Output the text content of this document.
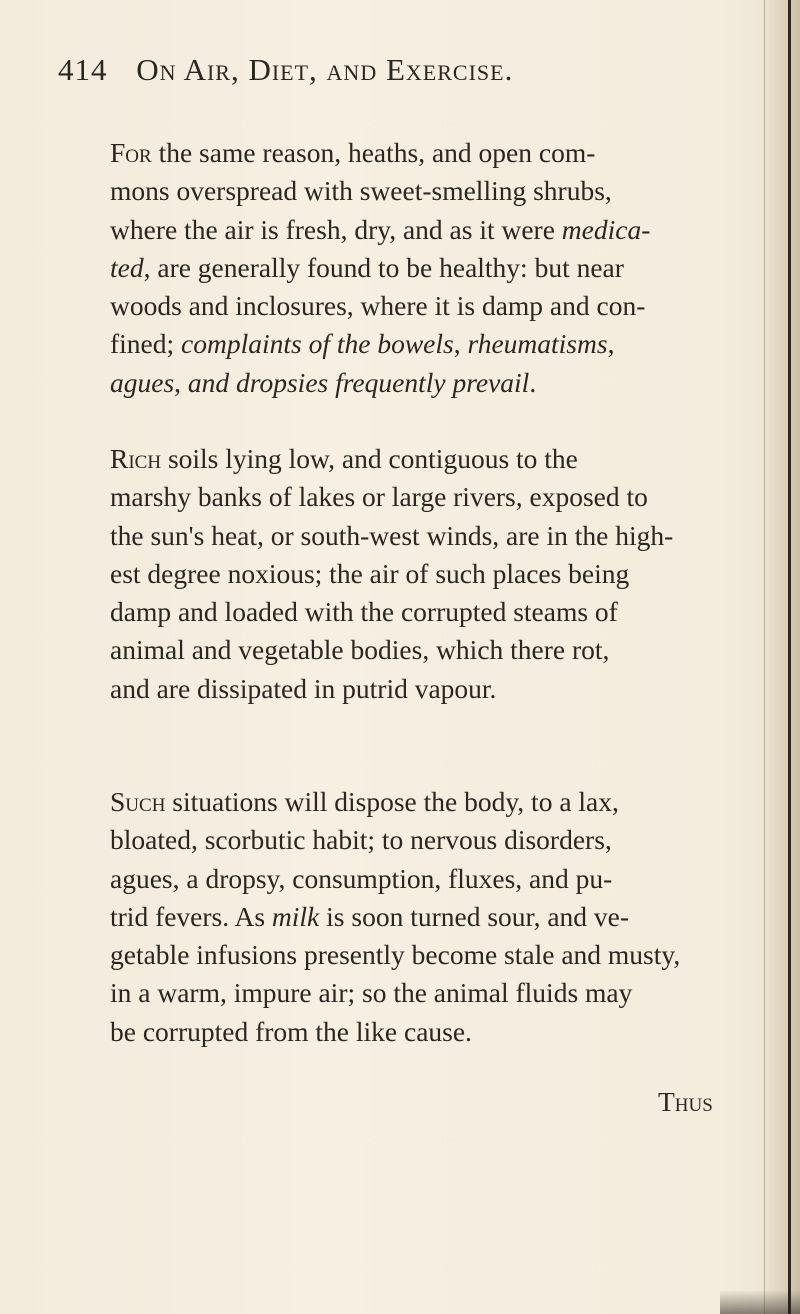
414 On Air, Diet, and Exercise.
For the same reason, heaths, and open com-
mons overspread with sweet-smelling shrubs,
where the air is fresh, dry, and as it were medica-
ted, are generally found to be healthy: but near
woods and inclosures, where it is damp and con-
fined; complaints of the bowels, rheumatisms,
agues, and dropsies frequently prevail.
Rich soils lying low, and contiguous to the
marshy banks of lakes or large rivers, exposed to
the sun's heat, or south-west winds, are in the high-
est degree noxious; the air of such places being
damp and loaded with the corrupted steams of
animal and vegetable bodies, which there rot,
and are dissipated in putrid vapour.
Such situations will dispose the body, to a lax,
bloated, scorbutic habit; to nervous disorders,
agues, a dropsy, consumption, fluxes, and pu-
trid fevers. As milk is soon turned sour, and ve-
getable infusions presently become stale and musty,
in a warm, impure air; so the animal fluids may
be corrupted from the like cause.
Thus
